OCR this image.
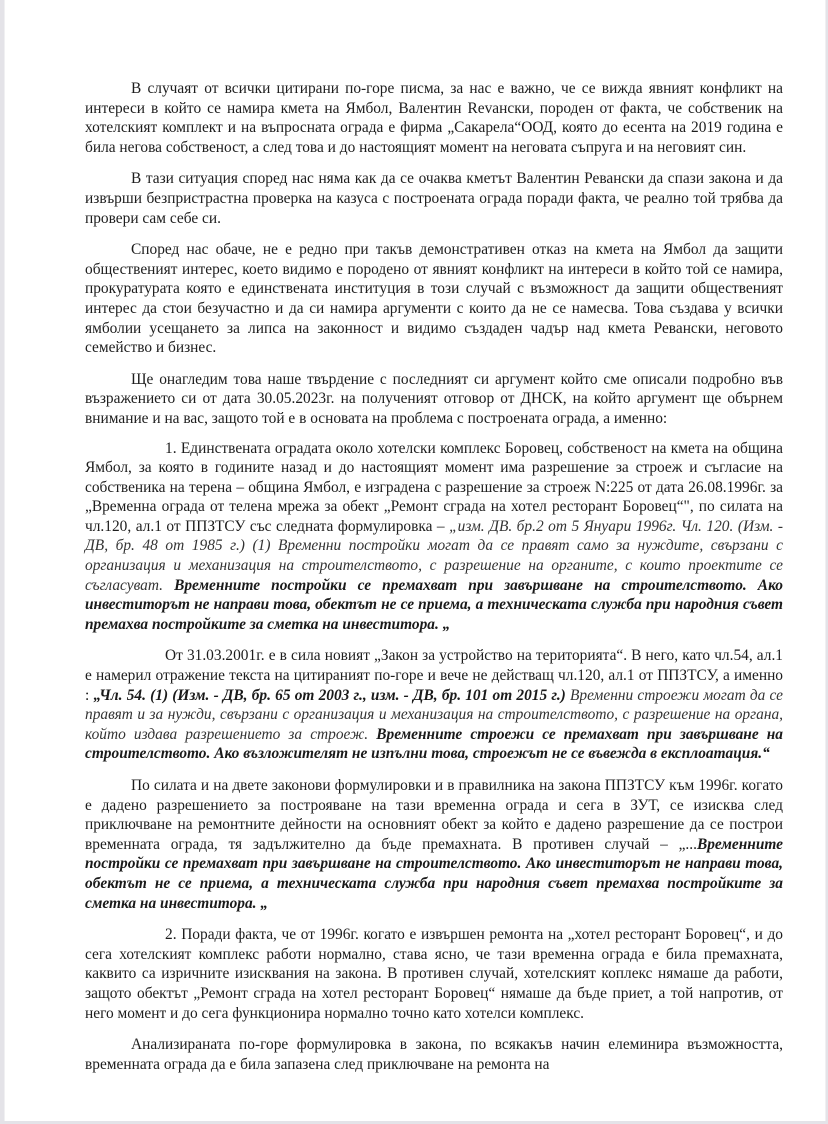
В случаят от всички цитирани по-горе писма, за нас е важно, че се вижда явният конфликт на интереси в който се намира кмета на Ямбол, Валентин Revански, породен от факта, че собственик на хотелският комплект и на въпросната ограда е фирма „Сакарела“ООД, която до есента на 2019 година е била негова собственост, а след това и до настоящият момент на неговата съпруга и на неговият син.

В тази ситуация според нас няма как да се очаква кметът Валентин Ревански да спази закона и да извърши безпристрастна проверка на казуса с построената ограда поради факта, че реално той трябва да провери сам себе си.

Според нас обаче, не е редно при такъв демонстративен отказ на кмета на Ямбол да защити общественият интерес, което видимо е породено от явният конфликт на интереси в който той се намира, прокуратурата която е единствената институция в този случай с възможност да защити общественият интерес да стои безучастно и да си намира аргументи с които да не се намесва. Това създава у всички ямболии усещането за липса на законност и видимо създаден чадър над кмета Ревански, неговото семейство и бизнес.

Ще онагледим това наше твърдение с последният си аргумент който сме описали подробно във възражението си от дата 30.05.2023г. на полученият отговор от ДНСК, на който аргумент ще обърнем внимание и на вас, защото той е в основата на проблема с построената ограда, а именно:

1. Единствената оградата около хотелски комплекс Боровец, собственост на кмета на община Ямбол, за която в годините назад и до настоящият момент има разрешение за строеж и съгласие на собственика на терена – община Ямбол, е изградена с разрешение за строеж N:225 от дата 26.08.1996г. за „Временна ограда от телена мрежа за обект „Ремонт сграда на хотел ресторант Боровец“", по силата на чл.120, ал.1 от ППЗТСУ със следната формулировка – „изм. ДВ. бр.2 от 5 Януари 1996г. Чл. 120. (Изм. - ДВ, бр. 48 от 1985 г.) (1) Временни постройки могат да се правят само за нуждите, свързани с организация и механизация на строителството, с разрешение на органите, с които проектите се съгласуват. Временните постройки се премахват при завършване на строителството. Ако инвеститорът не направи това, обектът не се приема, а техническата служба при народния съвет премахва постройките за сметка на инвеститора. „

От 31.03.2001г. е в сила новият „Закон за устройство на територията“. В него, като чл.54, ал.1 е намерил отражение текста на цитираният по-горе и вече не действащ чл.120, ал.1 от ППЗТСУ, а именно : „Чл. 54. (1) (Изм. - ДВ, бр. 65 от 2003 г., изм. - ДВ, бр. 101 от 2015 г.) Временни строежи могат да се правят и за нужди, свързани с организация и механизация на строителството, с разрешение на органа, който издава разрешението за строеж. Временните строежи се премахват при завършване на строителството. Ако възложителят не изпълни това, строежът не се въвежда в експлоатация.“

По силата и на двете законови формулировки и в правилника на закона ППЗТСУ към 1996г. когато е дадено разрешението за построяване на тази временна ограда и сега в ЗУТ, се изисква след приключване на ремонтните дейности на основният обект за който е дадено разрешение да се построи временната ограда, тя задължително да бъде премахната. В противен случай – „...Временните постройки се премахват при завършване на строителството. Ако инвеститорът не направи това, обектът не се приема, а техническата служба при народния съвет премахва постройките за сметка на инвеститора. „

2. Поради факта, че от 1996г. когато е извършен ремонта на „хотел ресторант Боровец“, и до сега хотелският комплекс работи нормално, става ясно, че тази временна ограда е била премахната, каквито са изричните изисквания на закона. В противен случай, хотелският коплекс нямаше да работи, защото обектът „Ремонт сграда на хотел ресторант Боровец“ нямаше да бъде приет, а той напротив, от него момент и до сега функционира нормално точно като хотелси комплекс.

Анализираната по-горе формулировка в закона, по всякакъв начин елеминира възможността, временната ограда да е била запазена след приключване на ремонта на
